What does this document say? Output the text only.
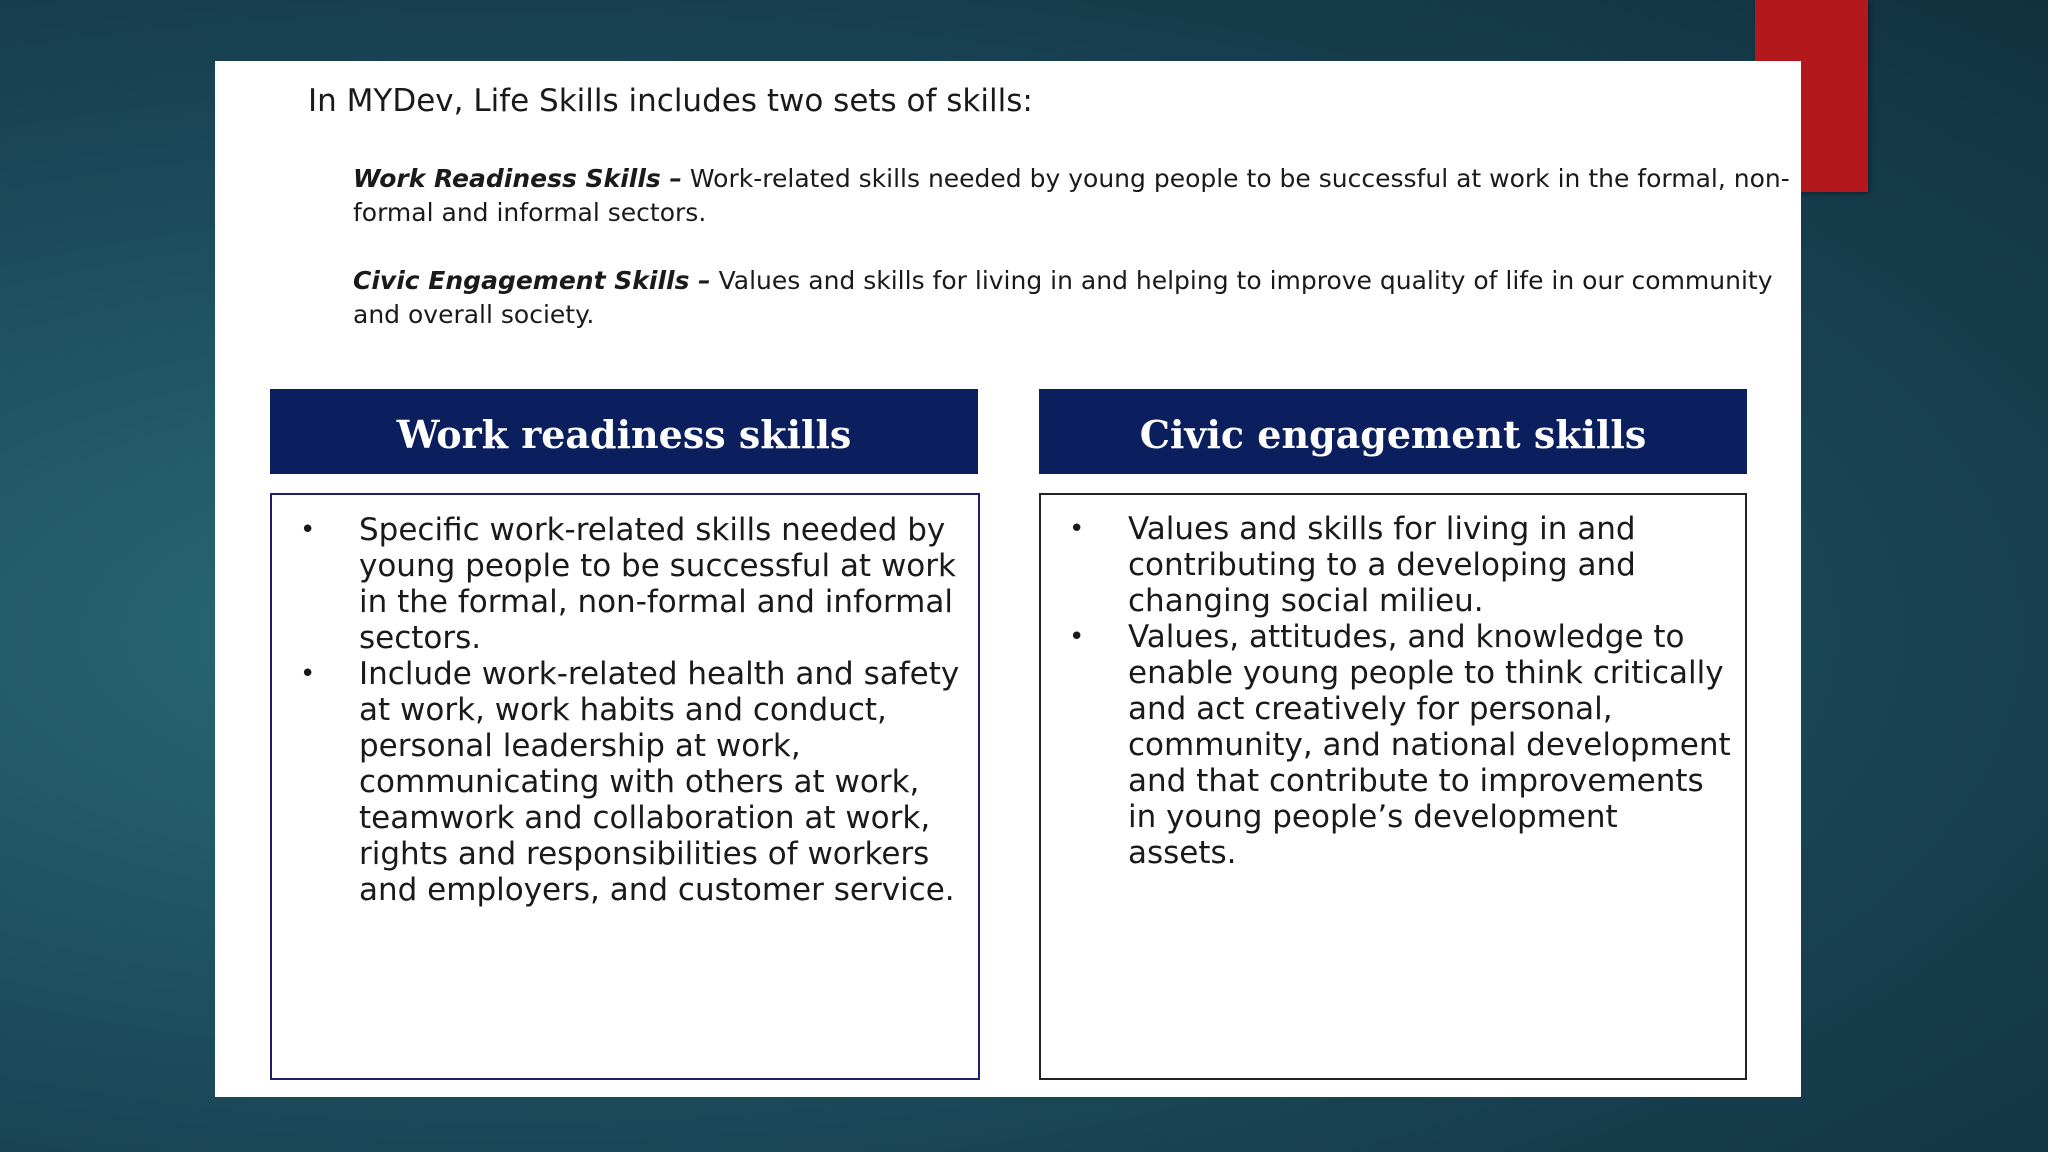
In MYDev, Life Skills includes two sets of skills:

Work Readiness Skills – Work-related skills needed by young people to be successful at work in the formal, non-formal and informal sectors.

Civic Engagement Skills – Values and skills for living in and helping to improve quality of life in our community and overall society.

Work readiness skills	Civic engagement skills
• Specific work-related skills needed by young people to be successful at work in the formal, non-formal and informal sectors.
• Include work-related health and safety at work, work habits and conduct, personal leadership at work, communicating with others at work, teamwork and collaboration at work, rights and responsibilities of workers and employers, and customer service.
• Values and skills for living in and contributing to a developing and changing social milieu.
• Values, attitudes, and knowledge to enable young people to think critically and act creatively for personal, community, and national development and that contribute to improvements in young people’s development assets.
